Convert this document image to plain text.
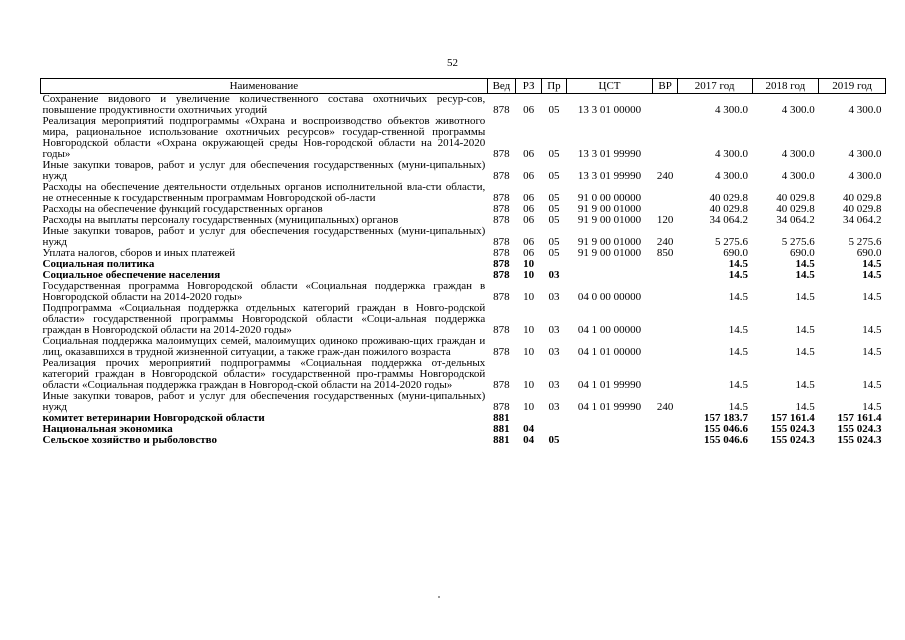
52
Наименование	Вед	РЗ	Пр	ЦСТ	ВР	2017 год	2018 год	2019 год
Сохранение видового и увеличение количественного состава охотничьих ресур-сов, повышение продуктивности охотничьих угодий	878	06	05	13 3 01 00000		4 300.0	4 300.0	4 300.0
Реализация мероприятий подпрограммы «Охрана и воспроизводство объектов животного мира, рациональное использование охотничьих ресурсов» государ-ственной программы Новгородской области «Охрана окружающей среды Нов-городской области на 2014-2020 годы»	878	06	05	13 3 01 99990		4 300.0	4 300.0	4 300.0
Иные закупки товаров, работ и услуг для обеспечения государственных (муни-ципальных) нужд	878	06	05	13 3 01 99990	240	4 300.0	4 300.0	4 300.0
Расходы на обеспечение деятельности отдельных органов исполнительной вла-сти области, не отнесенные к государственным программам Новгородской об-ласти	878	06	05	91 0 00 00000		40 029.8	40 029.8	40 029.8
Расходы на обеспечение функций государственных органов	878	06	05	91 9 00 01000		40 029.8	40 029.8	40 029.8
Расходы на выплаты персоналу государственных (муниципальных) органов	878	06	05	91 9 00 01000	120	34 064.2	34 064.2	34 064.2
Иные закупки товаров, работ и услуг для обеспечения государственных (муни-ципальных) нужд	878	06	05	91 9 00 01000	240	5 275.6	5 275.6	5 275.6
Уплата налогов, сборов и иных платежей	878	06	05	91 9 00 01000	850	690.0	690.0	690.0
Социальная политика	878	10				14.5	14.5	14.5
Социальное обеспечение населения	878	10	03			14.5	14.5	14.5
Государственная программа Новгородской области «Социальная поддержка граждан в Новгородской области на 2014-2020 годы»	878	10	03	04 0 00 00000		14.5	14.5	14.5
Подпрограмма «Социальная поддержка отдельных категорий граждан в Новго-родской области» государственной программы Новгородской области «Соци-альная поддержка граждан в Новгородской области на 2014-2020 годы»	878	10	03	04 1 00 00000		14.5	14.5	14.5
Социальная поддержка малоимущих семей, малоимущих одиноко проживаю-щих граждан и лиц, оказавшихся в трудной жизненной ситуации, а также граж-дан пожилого возраста	878	10	03	04 1 01 00000		14.5	14.5	14.5
Реализация прочих мероприятий подпрограммы «Социальная поддержка от-дельных категорий граждан в Новгородской области» государственной про-граммы Новгородской области «Социальная поддержка граждан в Новгород-ской области на 2014-2020 годы»	878	10	03	04 1 01 99990		14.5	14.5	14.5
Иные закупки товаров, работ и услуг для обеспечения государственных (муни-ципальных) нужд	878	10	03	04 1 01 99990	240	14.5	14.5	14.5
комитет ветеринарии Новгородской области	881					157 183.7	157 161.4	157 161.4
Национальная экономика	881	04				155 046.6	155 024.3	155 024.3
Сельское хозяйство и рыболовство	881	04	05			155 046.6	155 024.3	155 024.3
